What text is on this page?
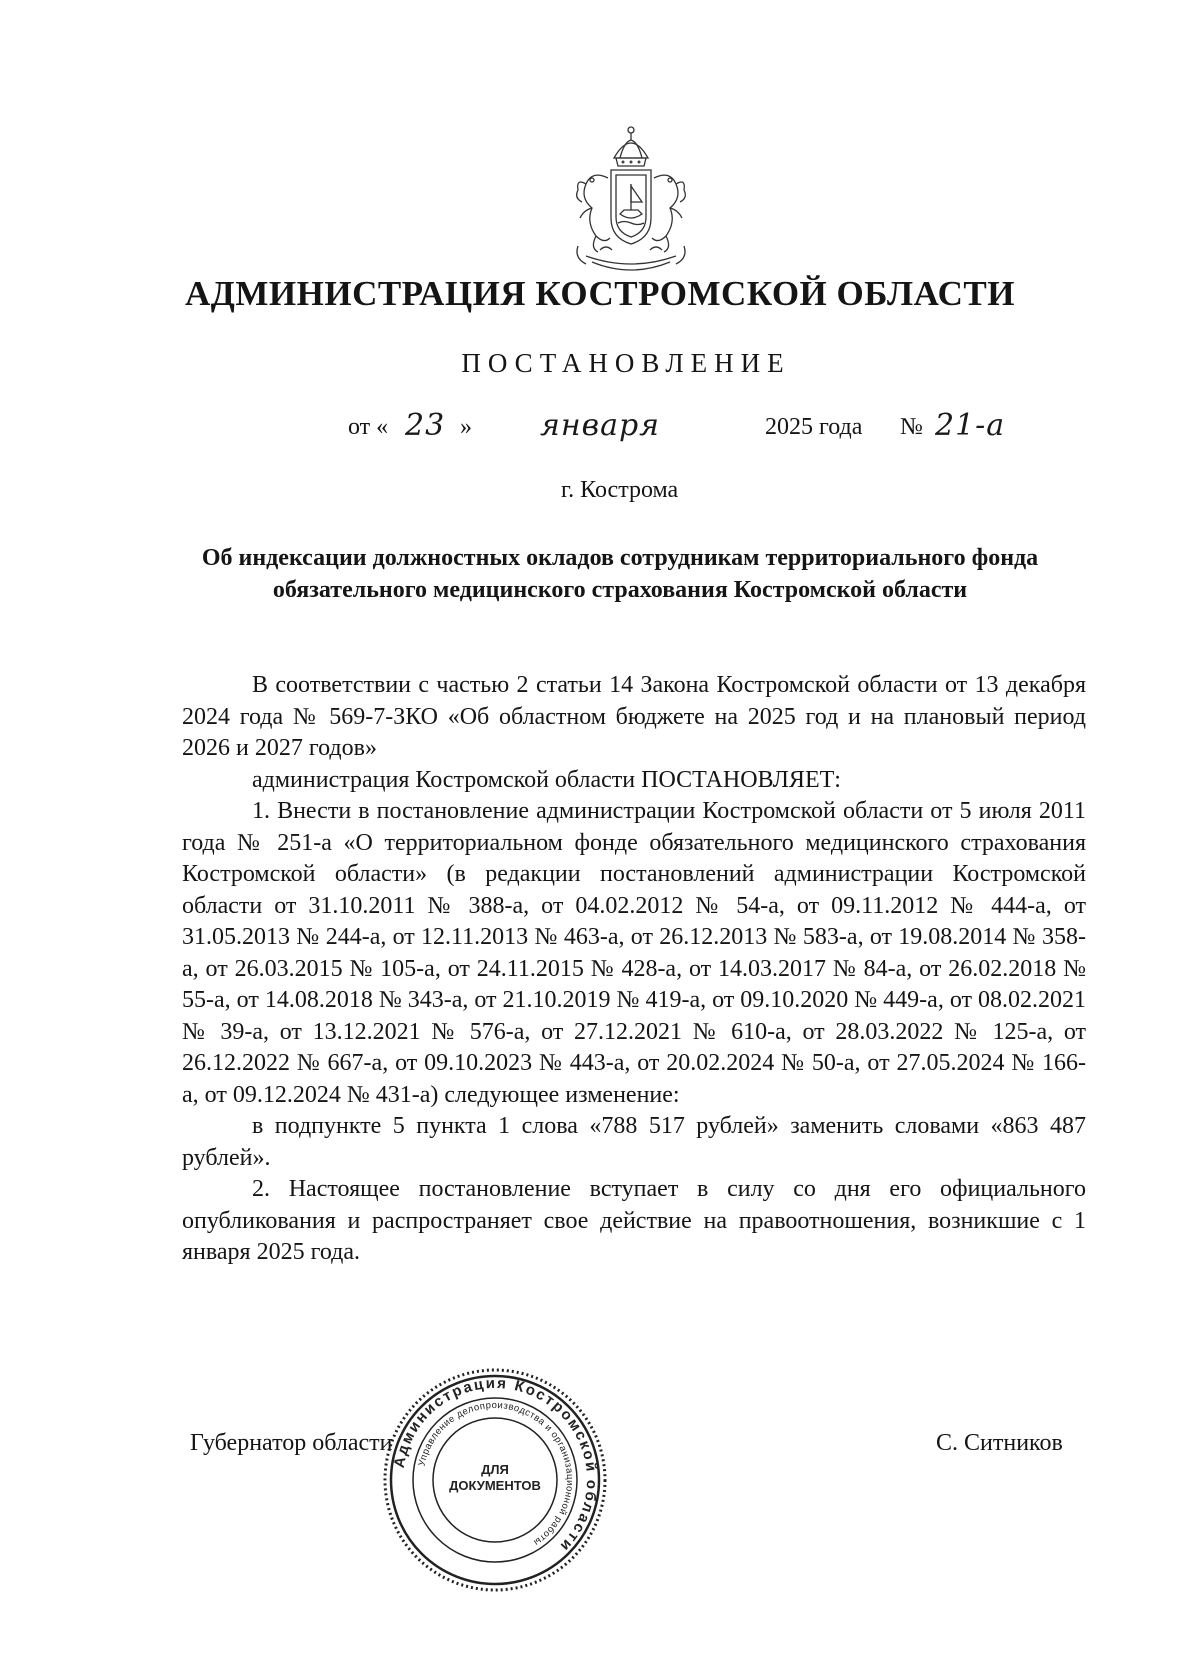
АДМИНИСТРАЦИЯ КОСТРОМСКОЙ ОБЛАСТИ
ПОСТАНОВЛЕНИЕ
от « 23 » января	2025 года № 21-а
г. Кострома
Об индексации должностных окладов сотрудникам территориального фонда обязательного медицинского страхования Костромской области

В соответствии с частью 2 статьи 14 Закона Костромской области от 13 декабря 2024 года № 569-7-ЗКО «Об областном бюджете на 2025 год и на плановый период 2026 и 2027 годов»

администрация Костромской области ПОСТАНОВЛЯЕТ:

1. Внести в постановление администрации Костромской области от 5 июля 2011 года № 251-а «О территориальном фонде обязательного медицинского страхования Костромской области» (в редакции постановлений администрации Костромской области от 31.10.2011 № 388-а, от 04.02.2012 № 54-а, от 09.11.2012 № 444-а, от 31.05.2013 № 244-а, от 12.11.2013 № 463-а, от 26.12.2013 № 583-а, от 19.08.2014 № 358-а, от 26.03.2015 № 105-а, от 24.11.2015 № 428-а, от 14.03.2017 № 84-а, от 26.02.2018 № 55-а, от 14.08.2018 № 343-а, от 21.10.2019 № 419-а, от 09.10.2020 № 449-а, от 08.02.2021 № 39-а, от 13.12.2021 № 576-а, от 27.12.2021 № 610-а, от 28.03.2022 № 125-а, от 26.12.2022 № 667-а, от 09.10.2023 № 443-а, от 20.02.2024 № 50-а, от 27.05.2024 № 166-а, от 09.12.2024 № 431-а) следующее изменение:

в подпункте 5 пункта 1 слова «788 517 рублей» заменить словами «863 487 рублей».

2. Настоящее постановление вступает в силу со дня его официального опубликования и распространяет свое действие на правоотношения, возникшие с 1 января 2025 года.

Губернатор области	С. Ситников
Администрация Костромской области
Управление делопроизводства и организационной работы
ДЛЯ
ДОКУМЕНТОВ
